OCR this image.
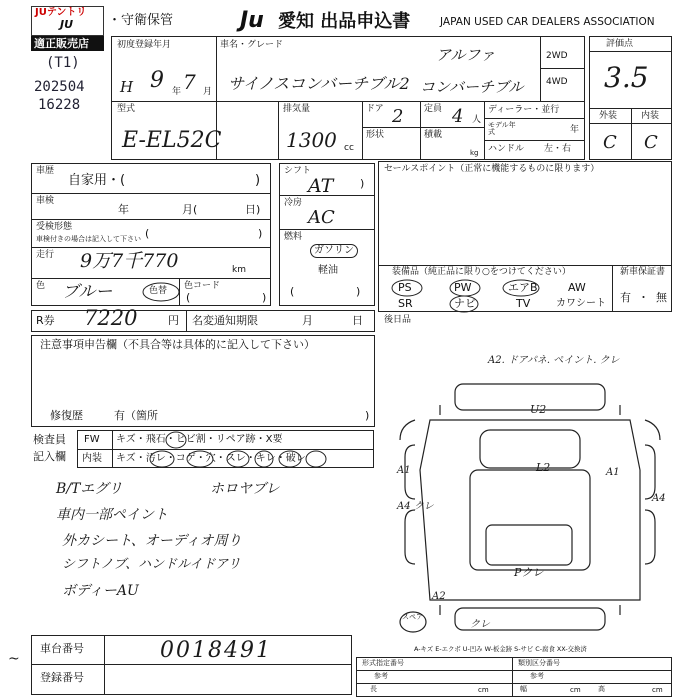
JUテントリ
JU
適正販売店
(T1)
202504
16228
・守衛保管	Ju 愛知 出品申込書	JAPAN USED CAR DEALERS ASSOCIATION
初度登録年月
H 9 年 7 月
車名・グレード
アルファ
サイノスコンバーチブル2 コンバーチブル
2WD
4WD
評価点
3.5
外装	内装
C C
型式
E-EL52C
排気量
1300 cc
ドア 2 定員 4 人
形状	積載
kg
ディーラー・並行
モデル年式	年
ハンドル 左・右
車歴
自家用・(	)
車検
年	月(	日)
受検形態
車検付きの場合は記入して下さい (	)
走行 9万7千770	km
色 ブルー	色替 色コード
(	)
シフト
AT )
冷房
AC
燃料
ガソリン
軽油
(	)
セールスポイント（正常に機能するものに限ります）
装備品（純正品に限り○をつけてください）
PS	PW	エアB	AW
SR	ナビ	TV	カワシート
新車保証書
有 ・ 無
R券 7220	円 名変通知期限	月	日 後日品
注意事項申告欄（不具合等は具体的に記入して下さい）
修復歴	有（箇所	)
検査員
記入欄
FW キズ・飛石・ヒビ割・リペア跡・X要
内装 キズ・汚レ・コゲ・穴・スレ・キレ・破レ
B/Tエグリ	ホロヤブレ
車内一部ペイント
外カシート、オーディオ周り
シフトノブ、ハンドルイドアリ
ボディーAU
A2. ドアパネ. ペイント. クレ
U2
L2
A1	A1
A4 クレ
A4
A2
Pクレ
クレ
スペア
A-キズ E-エクボ U-凹み W-板金跡 S-サビ C-腐食 XX-交換済
車台番号	0018491
登録番号
~	形式指定番号
参考
類別区分番号
参考
長	cm	幅	cm 高	cm
